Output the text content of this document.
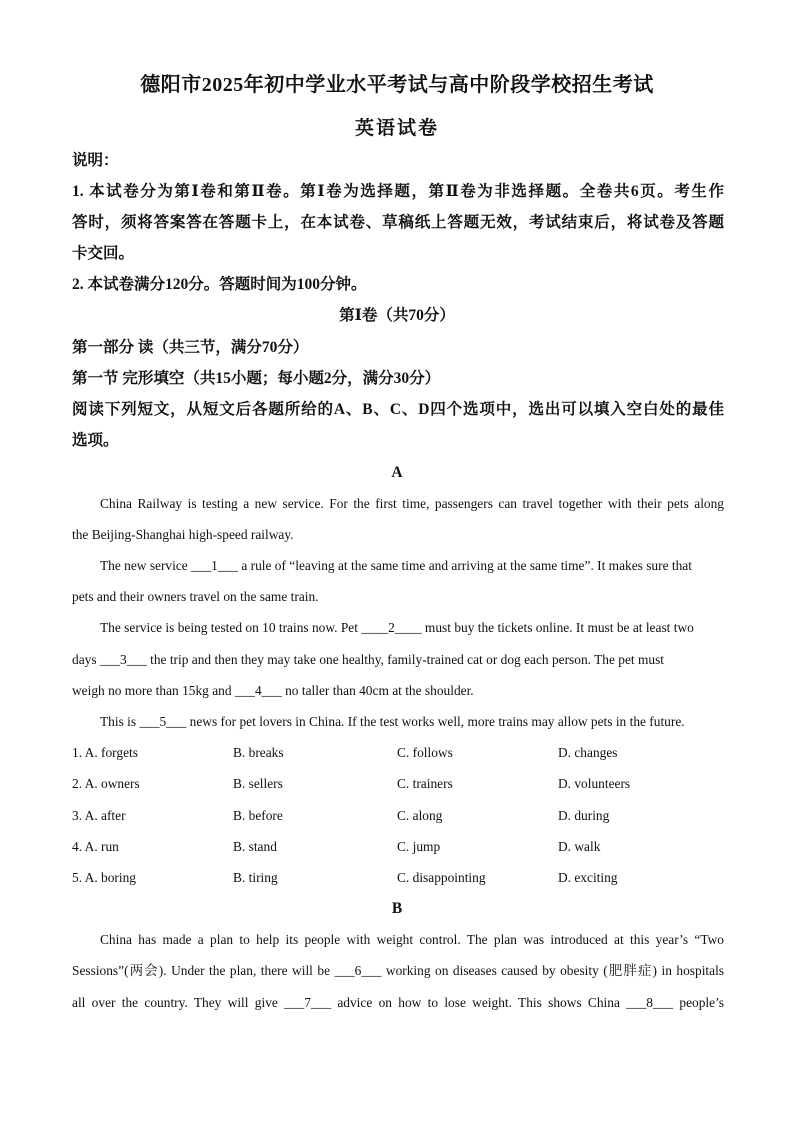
德阳市2025年初中学业水平考试与高中阶段学校招生考试
英语试卷
说明：
1. 本试卷分为第Ⅰ卷和第Ⅱ卷。第Ⅰ卷为选择题，第Ⅱ卷为非选择题。全卷共6页。考生作
答时，须将答案答在答题卡上，在本试卷、草稿纸上答题无效，考试结束后，将试卷及答题
卡交回。
2. 本试卷满分120分。答题时间为100分钟。
第Ⅰ卷（共70分）
第一部分 读（共三节，满分70分）
第一节 完形填空（共15小题；每小题2分，满分30分）
阅读下列短文，从短文后各题所给的A、B、C、D四个选项中，选出可以填入空白处的最佳
选项。
A
China Railway is testing a new service. For the first time, passengers can travel together with their pets along
the Beijing-Shanghai high-speed railway.
The new service ___1___ a rule of “leaving at the same time and arriving at the same time”. It makes sure that
pets and their owners travel on the same train.
The service is being tested on 10 trains now. Pet ____2____ must buy the tickets online. It must be at least two
days ___3___ the trip and then they may take one healthy, family-trained cat or dog each person. The pet must
weigh no more than 15kg and ___4___ no taller than 40cm at the shoulder.
This is ___5___ news for pet lovers in China. If the test works well, more trains may allow pets in the future.
1. A. forgets	B. breaks	C. follows	D. changes
2. A. owners	B. sellers	C. trainers	D. volunteers
3. A. after	B. before	C. along	D. during
4. A. run	B. stand	C. jump	D. walk
5. A. boring	B. tiring	C. disappointing	D. exciting
B
China has made a plan to help its people with weight control. The plan was introduced at this year’s “Two
Sessions”(两会). Under the plan, there will be ___6___ working on diseases caused by obesity (肥胖症) in hospitals
all over the country. They will give ___7___ advice on how to lose weight. This shows China ___8___ people’s
